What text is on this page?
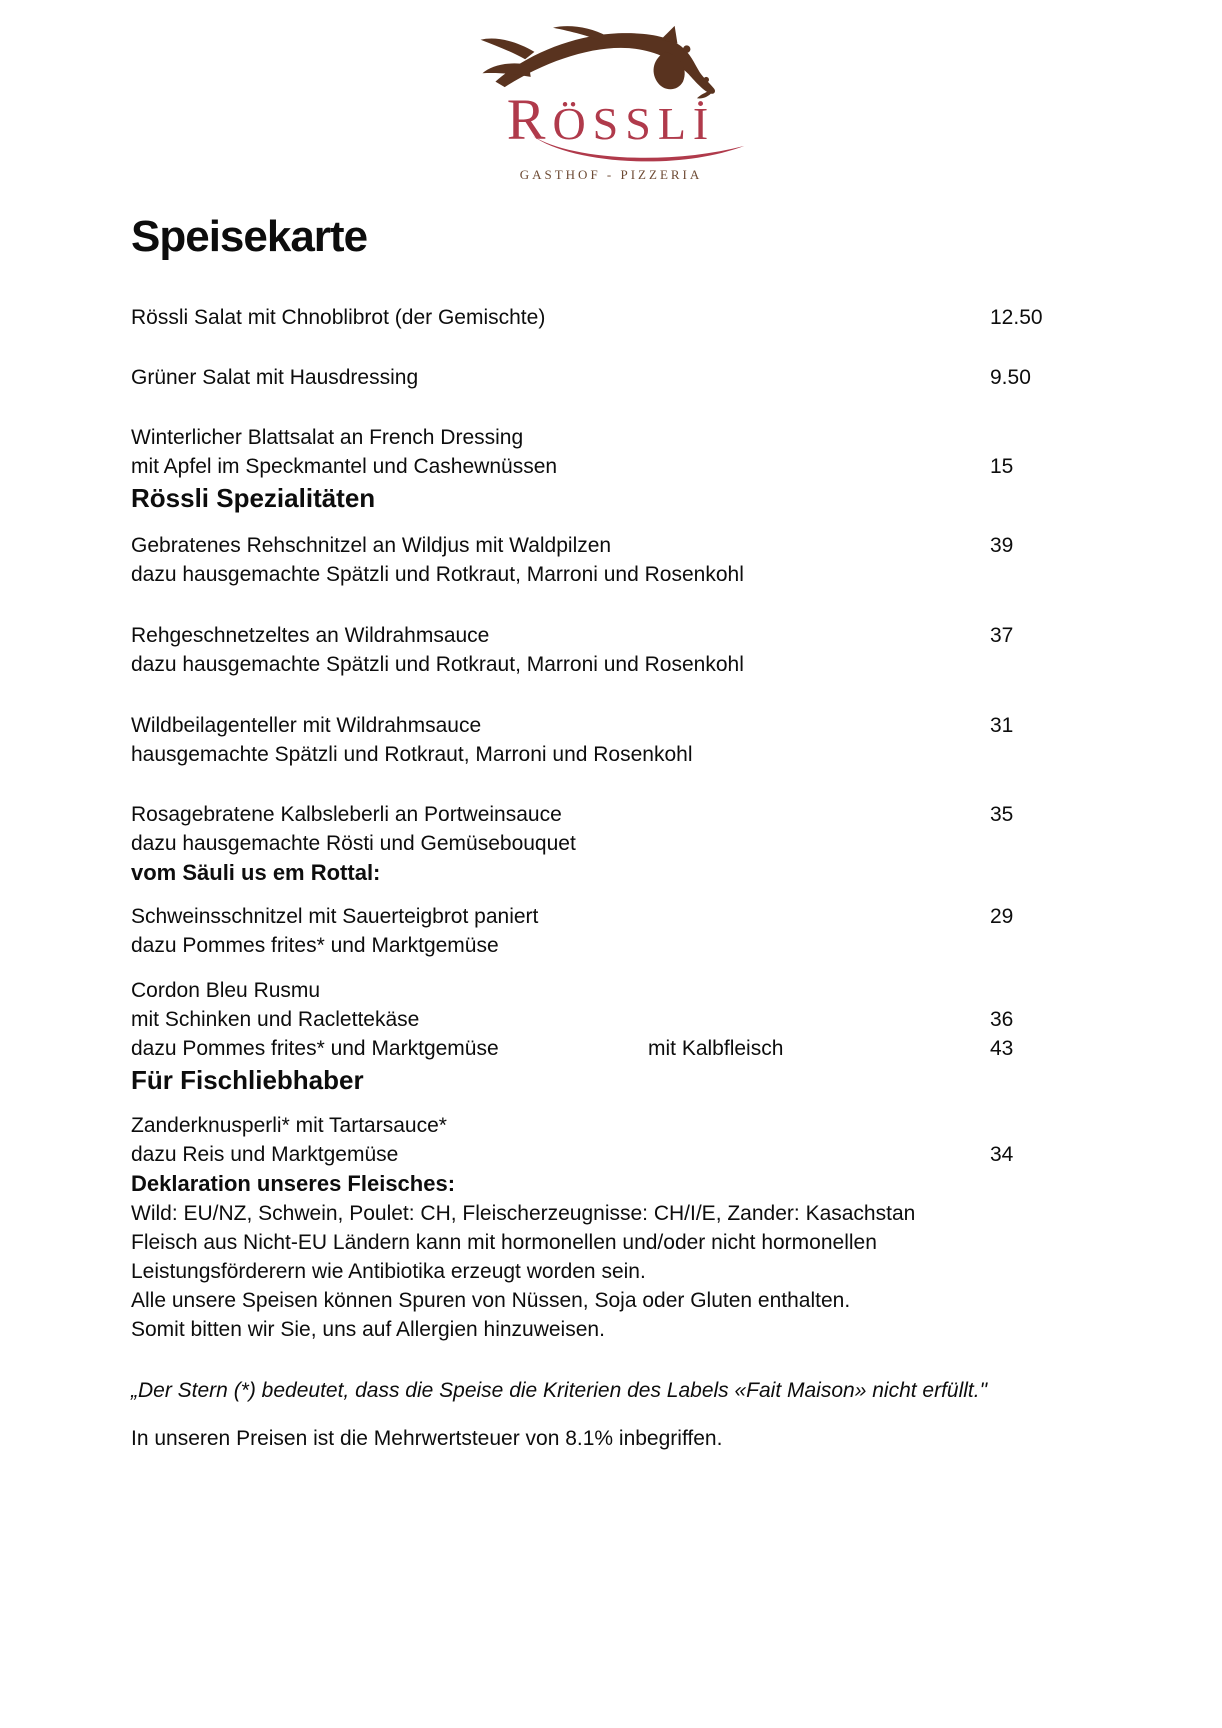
RÖSSLİ
GASTHOF - PIZZERIA
Speisekarte
Rössli Salat mit Chnoblibrot (der Gemischte)	12.50
Grüner Salat mit Hausdressing	9.50
Winterlicher Blattsalat an French Dressing
mit Apfel im Speckmantel und Cashewnüssen	15
Rössli Spezialitäten
Gebratenes Rehschnitzel an Wildjus mit Waldpilzen	39
dazu hausgemachte Spätzli und Rotkraut, Marroni und Rosenkohl
Rehgeschnetzeltes an Wildrahmsauce	37
dazu hausgemachte Spätzli und Rotkraut, Marroni und Rosenkohl
Wildbeilagenteller mit Wildrahmsauce	31
hausgemachte Spätzli und Rotkraut, Marroni und Rosenkohl
Rosagebratene Kalbsleberli an Portweinsauce	35
dazu hausgemachte Rösti und Gemüsebouquet
vom Säuli us em Rottal:
Schweinsschnitzel mit Sauerteigbrot paniert	29
dazu Pommes frites* und Marktgemüse
Cordon Bleu Rusmu
mit Schinken und Raclettekäse	36
dazu Pommes frites* und Marktgemüse	mit Kalbfleisch	43
Für Fischliebhaber
Zanderknusperli* mit Tartarsauce*
dazu Reis und Marktgemüse	34
Deklaration unseres Fleisches:
Wild: EU/NZ, Schwein, Poulet: CH, Fleischerzeugnisse: CH/I/E, Zander: Kasachstan
Fleisch aus Nicht-EU Ländern kann mit hormonellen und/oder nicht hormonellen
Leistungsförderern wie Antibiotika erzeugt worden sein.
Alle unsere Speisen können Spuren von Nüssen, Soja oder Gluten enthalten.
Somit bitten wir Sie, uns auf Allergien hinzuweisen.
„Der Stern (*) bedeutet, dass die Speise die Kriterien des Labels «Fait Maison» nicht erfüllt."
In unseren Preisen ist die Mehrwertsteuer von 8.1% inbegriffen.
